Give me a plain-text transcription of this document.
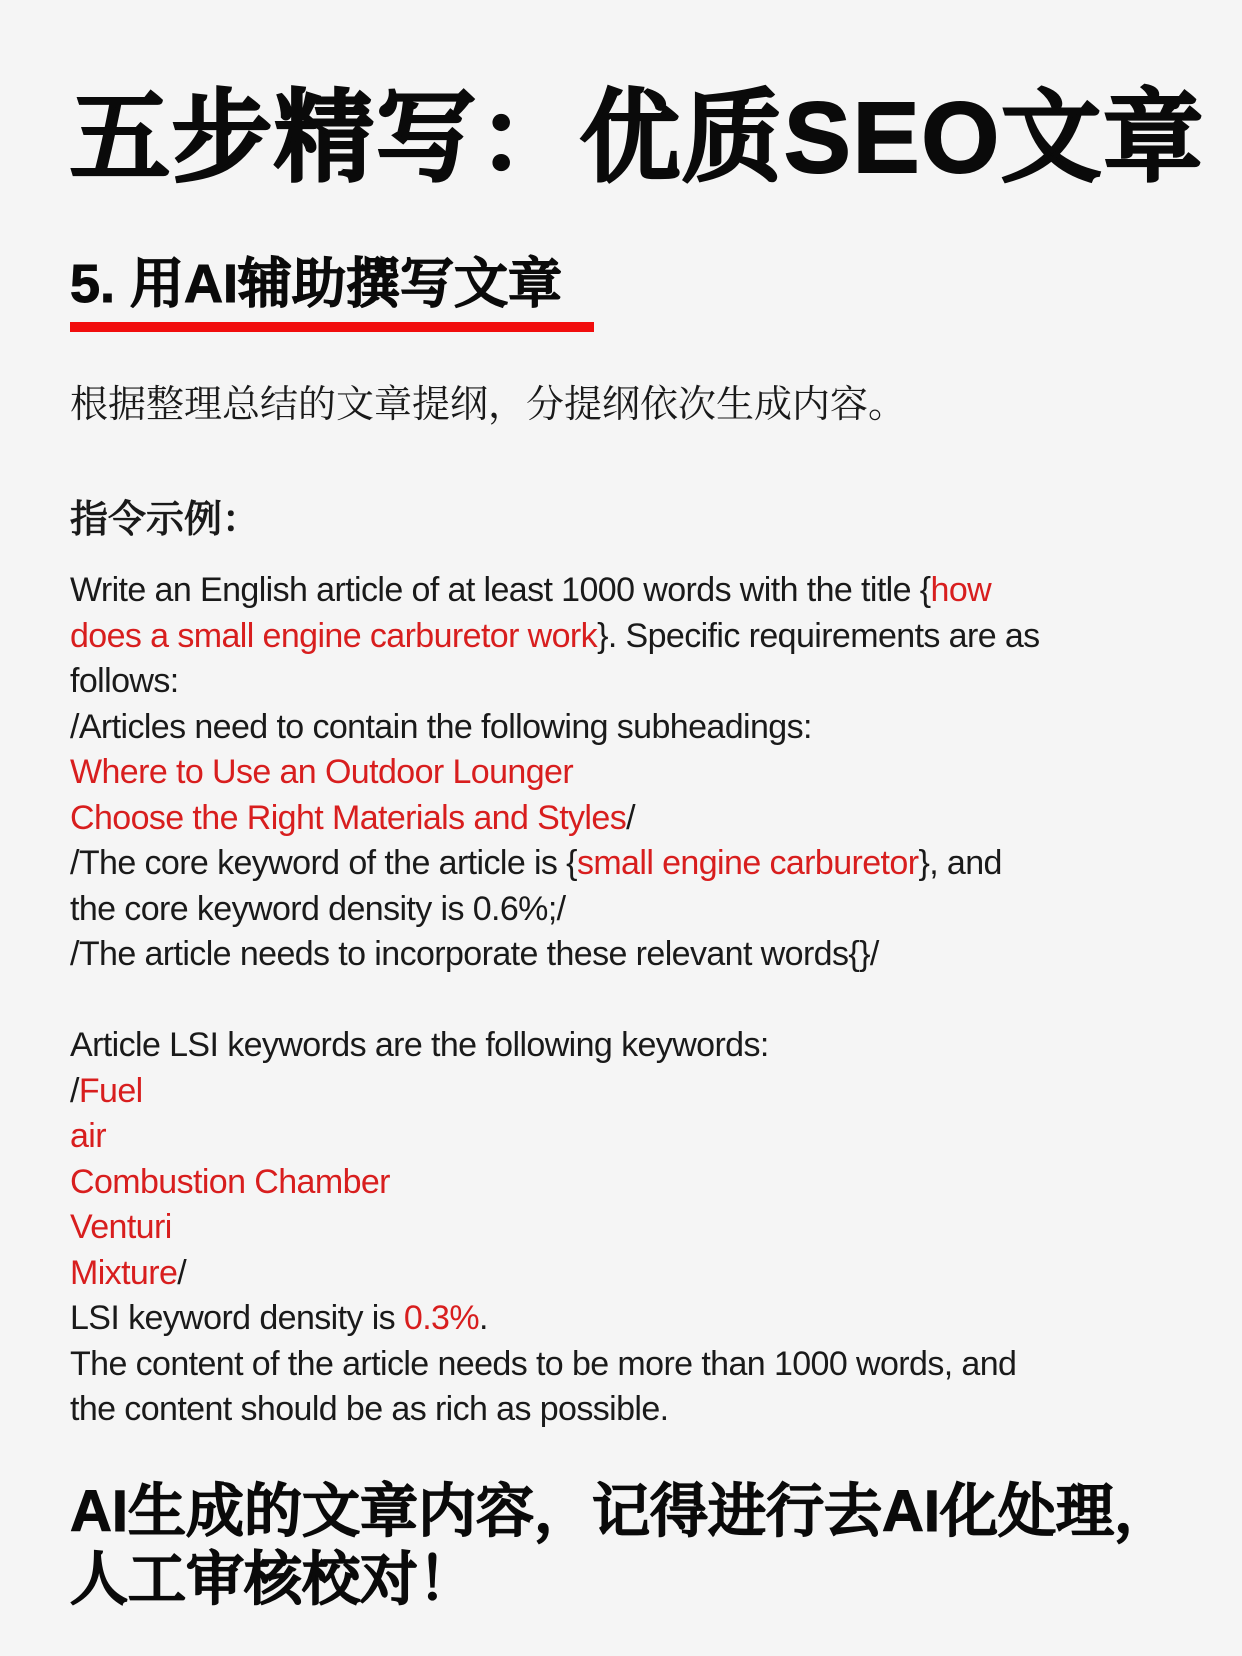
五步精写：优质SEO文章
5. 用AI辅助撰写文章
根据整理总结的文章提纲，分提纲依次生成内容。
指令示例：
Write an English article of at least 1000 words with the title {how
does a small engine carburetor work}. Specific requirements are as
follows:
/Articles need to contain the following subheadings:
Where to Use an Outdoor Lounger
Choose the Right Materials and Styles/
/The core keyword of the article is {small engine carburetor}, and
the core keyword density is 0.6%;/
/The article needs to incorporate these relevant words{}/
Article LSI keywords are the following keywords:
/Fuel
air
Combustion Chamber
Venturi
Mixture/
LSI keyword density is 0.3%.
The content of the article needs to be more than 1000 words, and
the content should be as rich as possible.
AI生成的文章内容，记得进行去AI化处理，
人工审核校对！
